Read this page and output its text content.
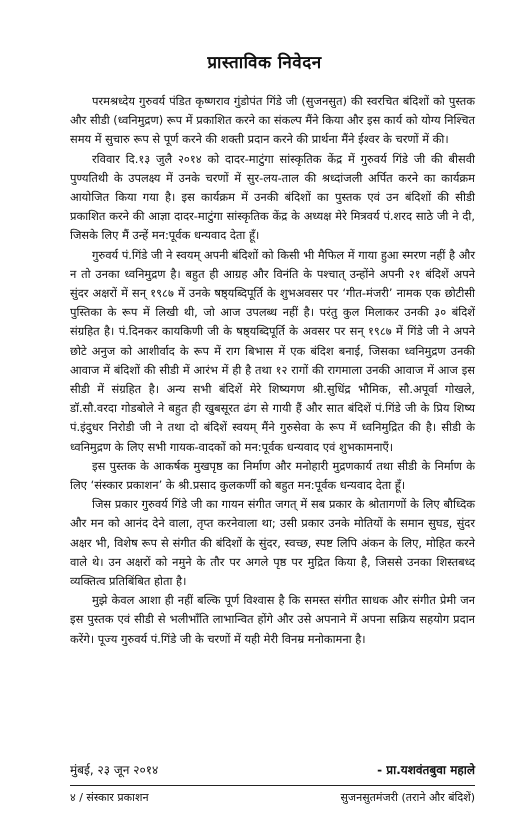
प्रास्ताविक निवेदन

परमश्रध्देय गुरुवर्य पंडित कृष्णराव गुंडोपंत गिंडे जी (सुजनसुत) की स्वरचित बंदिशों को पुस्तक और सीडी (ध्वनिमुद्रण) रूप में प्रकाशित करने का संकल्प मैंने किया और इस कार्य को योग्य निश्चित समय में सुचारु रूप से पूर्ण करने की शक्ती प्रदान करने की प्रार्थना मैंने ईश्वर के चरणों में की।

रविवार दि.१३ जुलै २०१४ को दादर-माटुंगा सांस्कृतिक केंद्र में गुरुवर्य गिंडे जी की बीसवी पुण्यतिथी के उपलक्ष्य में उनके चरणों में सुर-लय-ताल की श्रध्दांजली अर्पित करने का कार्यक्रम आयोजित किया गया है। इस कार्यक्रम में उनकी बंदिशों का पुस्तक एवं उन बंदिशों की सीडी प्रकाशित करने की आज्ञा दादर-माटुंगा सांस्कृतिक केंद्र के अध्यक्ष मेरे मित्रवर्य पं.शरद साठे जी ने दी, जिसके लिए मैं उन्हें मन:पूर्वक धन्यवाद देता हूँ।

गुरुवर्य पं.गिंडे जी ने स्वयम् अपनी बंदिशों को किसी भी मैफिल में गाया हुआ स्मरण नहीं है और न तो उनका ध्वनिमुद्रण है। बहुत ही आग्रह और विनंति के पश्चात् उन्होंने अपनी २१ बंदिशें अपने सुंदर अक्षरों में सन् १९८७ में उनके षष्ठ्यब्दिपूर्ति के शुभअवसर पर ‘गीत-मंजरी’ नामक एक छोटीसी पुस्तिका के रूप में लिखी थी, जो आज उपलब्ध नहीं है। परंतु कुल मिलाकर उनकी ३० बंदिशें संग्रहित है। पं.दिनकर कायकिणी जी के षष्ठ्यब्दिपूर्ति के अवसर पर सन् १९८७ में गिंडे जी ने अपने छोटे अनुज को आशीर्वाद के रूप में राग बिभास में एक बंदिश बनाई, जिसका ध्वनिमुद्रण उनकी आवाज में बंदिशों की सीडी में आरंभ में ही है तथा १२ रागों की रागमाला उनकी आवाज में आज इस सीडी में संग्रहित है। अन्य सभी बंदिशें मेरे शिष्यगण श्री.सुधिंद्र भौमिक, सौ.अपूर्वा गोखले, डॉ.सौ.वरदा गोडबोले ने बहुत ही खुबसूरत ढंग से गायी हैं और सात बंदिशें पं.गिंडे जी के प्रिय शिष्य पं.इंदुधर निरोडी जी ने तथा दो बंदिशें स्वयम् मैंने गुरुसेवा के रूप में ध्वनिमुद्रित की है। सीडी के ध्वनिमुद्रण के लिए सभी गायक-वादकों को मन:पूर्वक धन्यवाद एवं शुभकामनाएँ।

इस पुस्तक के आकर्षक मुखपृष्ठ का निर्माण और मनोहारी मुद्रणकार्य तथा सीडी के निर्माण के लिए ‘संस्कार प्रकाशन’ के श्री.प्रसाद कुलकर्णी को बहुत मन:पूर्वक धन्यवाद देता हूँ।

जिस प्रकार गुरुवर्य गिंडे जी का गायन संगीत जगत् में सब प्रकार के श्रोतागणों के लिए बौध्दिक और मन को आनंद देने वाला, तृप्त करनेवाला था; उसी प्रकार उनके मोतियों के समान सुघड, सुंदर अक्षर भी, विशेष रूप से संगीत की बंदिशों के सुंदर, स्वच्छ, स्पष्ट लिपि अंकन के लिए, मोहित करने वाले थे। उन अक्षरों को नमुने के तौर पर अगले पृष्ठ पर मुद्रित किया है, जिससे उनका शिस्तबध्द व्यक्तित्व प्रतिबिंबित होता है।

मुझे केवल आशा ही नहीं बल्कि पूर्ण विश्वास है कि समस्त संगीत साधक और संगीत प्रेमी जन इस पुस्तक एवं सीडी से भलीभाँति लाभान्वित होंगे और उसे अपनाने में अपना सक्रिय सहयोग प्रदान करेंगे। पूज्य गुरुवर्य पं.गिंडे जी के चरणों में यही मेरी विनम्र मनोकामना है।

मुंबई, २३ जून २०१४	- प्रा.यशवंतबुवा महाले
४ / संस्कार प्रकाशन	सुजनसुतमंजरी (तराने और बंदिशें)
